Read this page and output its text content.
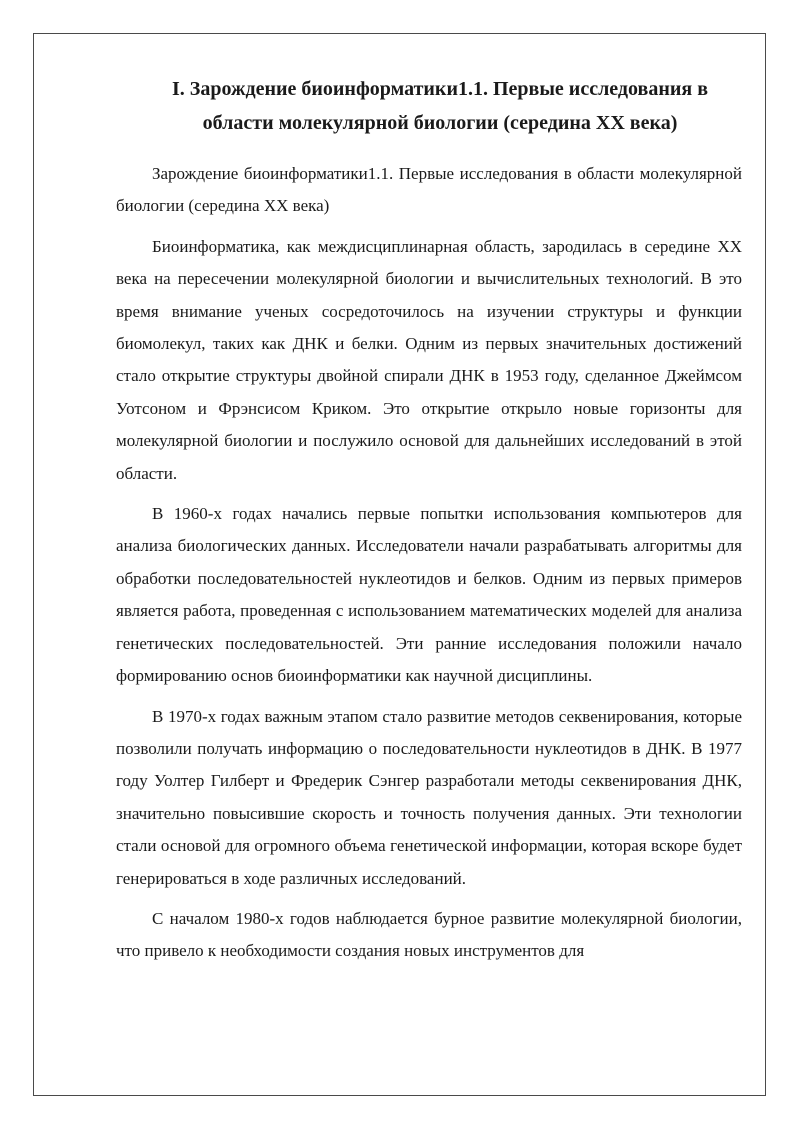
I. Зарождение биоинформатики1.1. Первые исследования в области молекулярной биологии (середина XX века)

Зарождение биоинформатики1.1. Первые исследования в области молекулярной биологии (середина XX века)

Биоинформатика, как междисциплинарная область, зародилась в середине XX века на пересечении молекулярной биологии и вычислительных технологий. В это время внимание ученых сосредоточилось на изучении структуры и функции биомолекул, таких как ДНК и белки. Одним из первых значительных достижений стало открытие структуры двойной спирали ДНК в 1953 году, сделанное Джеймсом Уотсоном и Фрэнсисом Криком. Это открытие открыло новые горизонты для молекулярной биологии и послужило основой для дальнейших исследований в этой области.

В 1960-х годах начались первые попытки использования компьютеров для анализа биологических данных. Исследователи начали разрабатывать алгоритмы для обработки последовательностей нуклеотидов и белков. Одним из первых примеров является работа, проведенная с использованием математических моделей для анализа генетических последовательностей. Эти ранние исследования положили начало формированию основ биоинформатики как научной дисциплины.

В 1970-х годах важным этапом стало развитие методов секвенирования, которые позволили получать информацию о последовательности нуклеотидов в ДНК. В 1977 году Уолтер Гилберт и Фредерик Сэнгер разработали методы секвенирования ДНК, значительно повысившие скорость и точность получения данных. Эти технологии стали основой для огромного объема генетической информации, которая вскоре будет генерироваться в ходе различных исследований.

С началом 1980-х годов наблюдается бурное развитие молекулярной биологии, что привело к необходимости создания новых инструментов для
